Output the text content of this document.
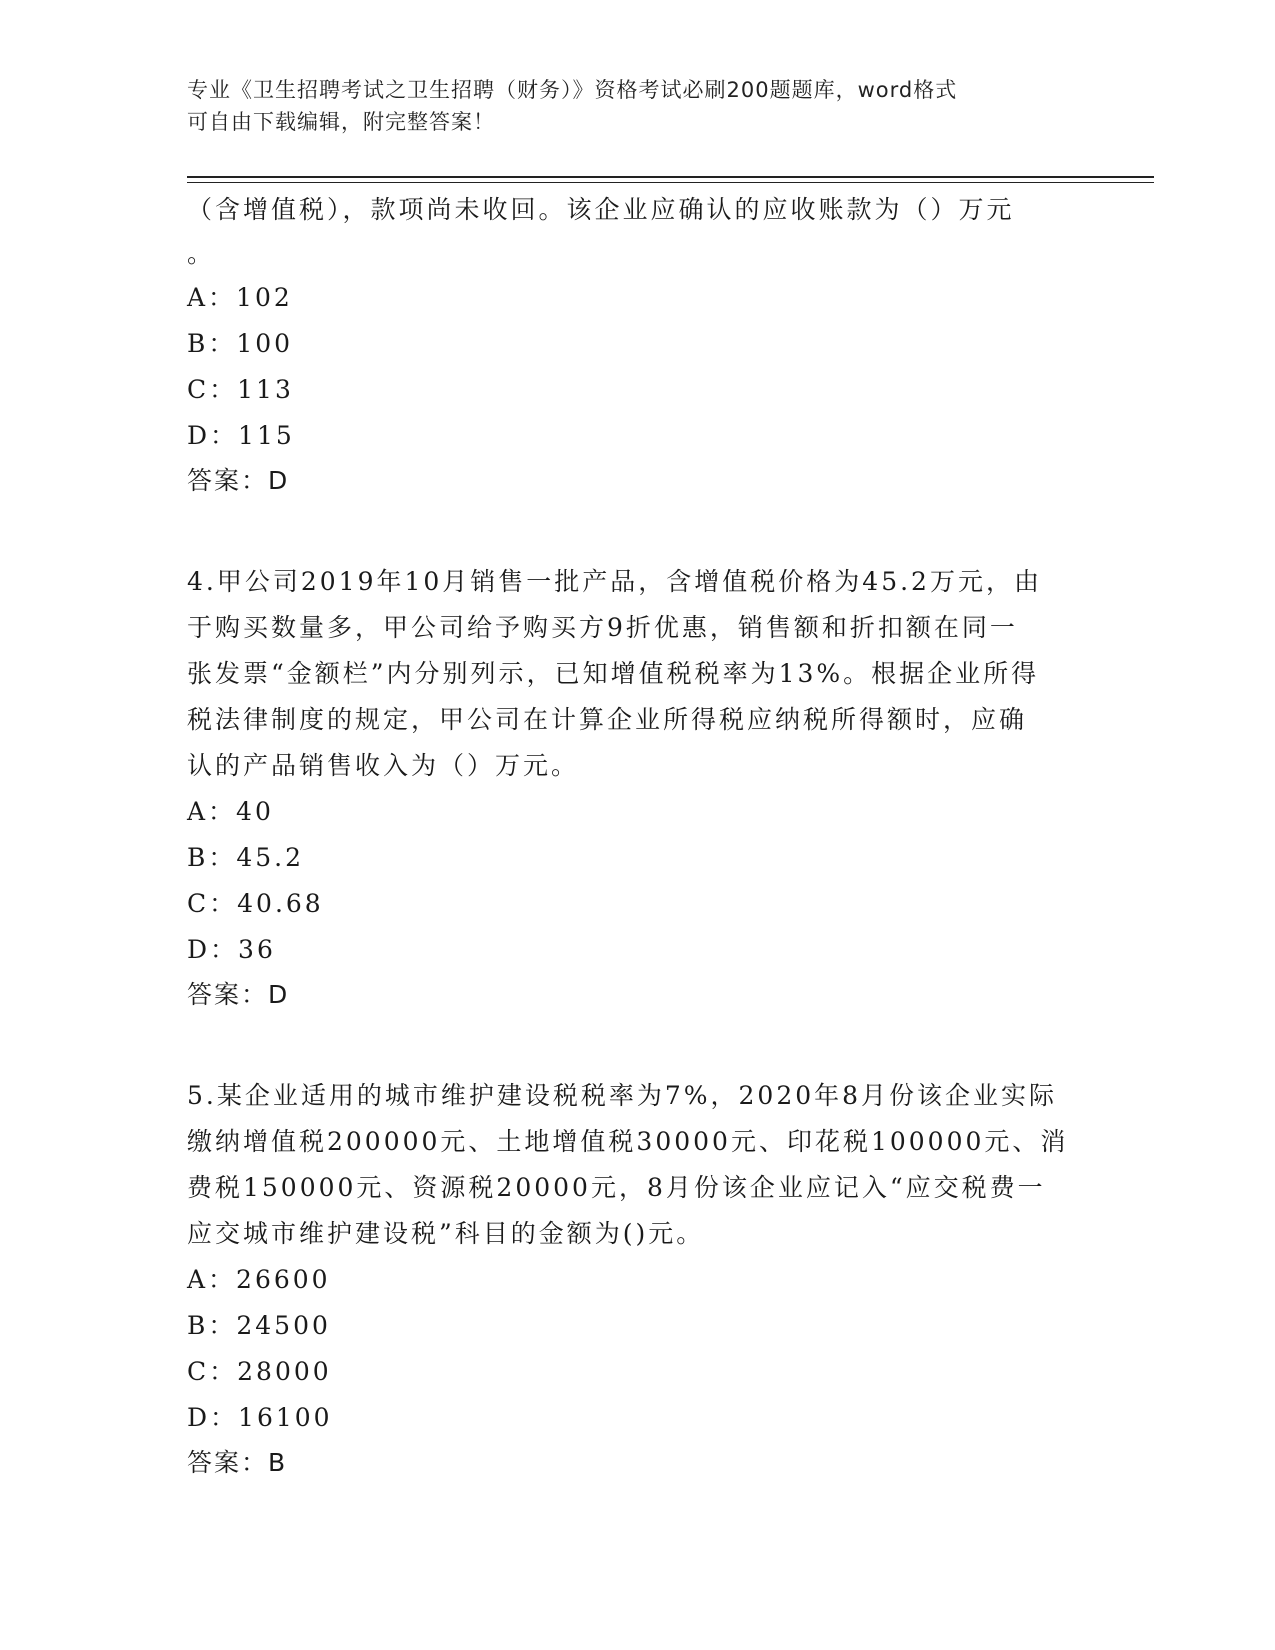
专业《卫生招聘考试之卫生招聘（财务）》资格考试必刷200题题库，word格式
可自由下载编辑，附完整答案！
（含增值税），款项尚未收回。该企业应确认的应收账款为（）万元
。
A：102
B：100
C：113
D：115
答案：D
4.甲公司2019年10月销售一批产品，含增值税价格为45.2万元，由
于购买数量多，甲公司给予购买方9折优惠，销售额和折扣额在同一
张发票“金额栏”内分别列示，已知增值税税率为13%。根据企业所得
税法律制度的规定，甲公司在计算企业所得税应纳税所得额时，应确
认的产品销售收入为（）万元。
A：40
B：45.2
C：40.68
D：36
答案：D
5.某企业适用的城市维护建设税税率为7%，2020年8月份该企业实际
缴纳增值税200000元、土地增值税30000元、印花税100000元、消
费税150000元、资源税20000元，8月份该企业应记入“应交税费一
应交城市维护建设税”科目的金额为()元。
A：26600
B：24500
C：28000
D：16100
答案：B
